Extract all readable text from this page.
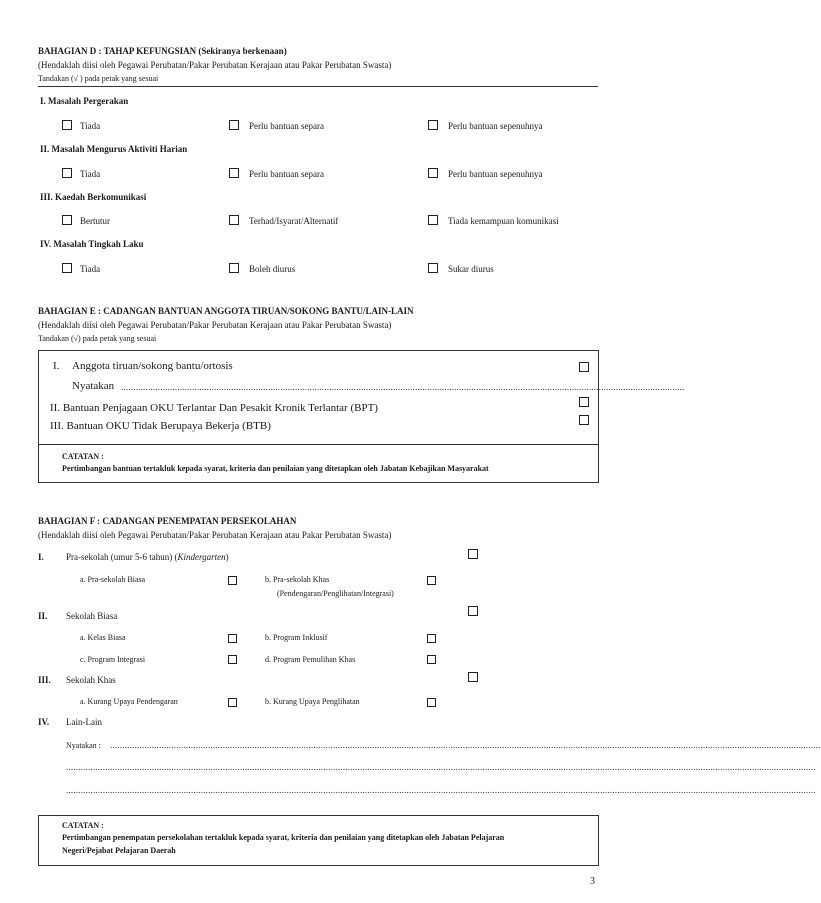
BAHAGIAN D : TAHAP KEFUNGSIAN (Sekiranya berkenaan)
(Hendaklah diisi oleh Pegawai Perubatan/Pakar Perubatan Kerajaan atau Pakar Perubatan Swasta)
Tandakan (√ ) pada petak yang sesuai
I. Masalah Pergerakan
Tiada	Perlu bantuan separa	Perlu bantuan sepenuhnya
II. Masalah Mengurus Aktiviti Harian
Tiada	Perlu bantuan separa	Perlu bantuan sepenuhnya
III. Kaedah Berkomunikasi
Bertutur	Terhad/Isyarat/Alternatif	Tiada kemampuan komunikasi
IV. Masalah Tingkah Laku
Tiada	Boleh diurus	Sukar diurus
BAHAGIAN E : CADANGAN BANTUAN ANGGOTA TIRUAN/SOKONG BANTU/LAIN-LAIN
(Hendaklah diisi oleh Pegawai Perubatan/Pakar Perubatan Kerajaan atau Pakar Perubatan Swasta)
Tandakan (√) pada petak yang sesuai
I. Anggota tiruan/sokong bantu/ortosis
Nyatakan ......................................................................................................................................................................................................................................
II. Bantuan Penjagaan OKU Terlantar Dan Pesakit Kronik Terlantar (BPT)
III. Bantuan OKU Tidak Berupaya Bekerja (BTB)
CATATAN :
Pertimbangan bantuan tertakluk kepada syarat, kriteria dan penilaian yang ditetapkan oleh Jabatan Kebajikan Masyarakat
BAHAGIAN F : CADANGAN PENEMPATAN PERSEKOLAHAN
(Hendaklah diisi oleh Pegawai Perubatan/Pakar Perubatan Kerajaan atau Pakar Perubatan Swasta)
I. Pra-sekolah (umur 5-6 tahun) (Kindergarten)
a. Pra-sekolah Biasa	b. Pra-sekolah Khas
(Pendengaran/Penglihatan/Integrasi)
II. Sekolah Biasa
a. Kelas Biasa	b. Program Inklusif
c. Program Integrasi	d. Program Pemulihan Khas
III. Sekolah Khas
a. Kurang Upaya Pendengaran	b. Kurang Upaya Penglihatan
IV. Lain-Lain
Nyatakan : ..................................................................................................................................................................................................................................................................................................
..................................................................................................................................................................................................................................................................................................................
..................................................................................................................................................................................................................................................................................................................
CATATAN :
Pertimbangan penempatan persekolahan tertakluk kepada syarat, kriteria dan penilaian yang ditetapkan oleh Jabatan Pelajaran
Negeri/Pejabat Pelajaran Daerah
3
